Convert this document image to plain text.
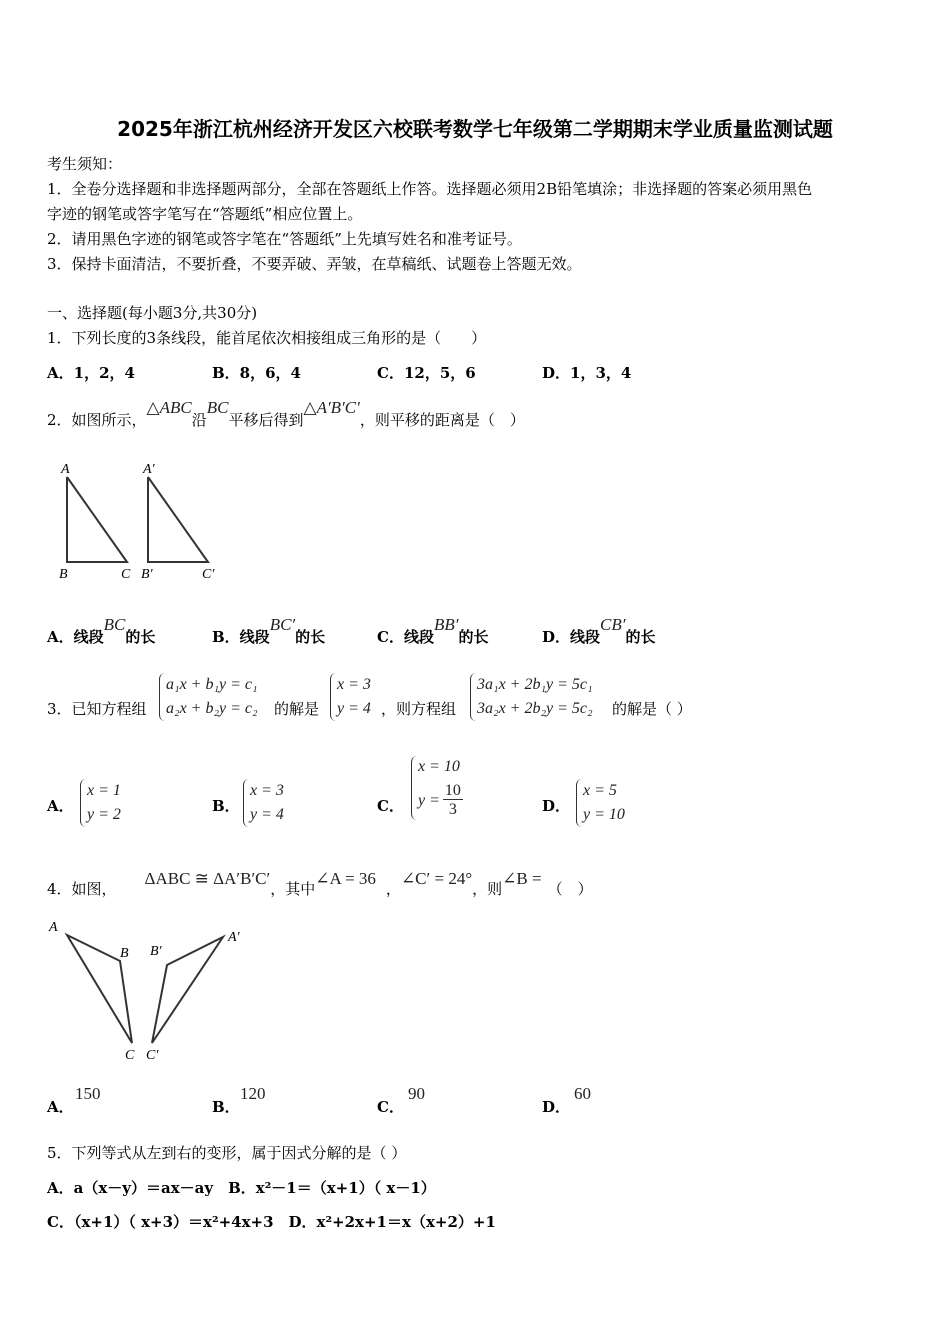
2025年浙江杭州经济开发区六校联考数学七年级第二学期期末学业质量监测试题
考生须知：
1．全卷分选择题和非选择题两部分，全部在答题纸上作答。选择题必须用2B铅笔填涂；非选择题的答案必须用黑色
字迹的钢笔或答字笔写在“答题纸”相应位置上。
2．请用黑色字迹的钢笔或答字笔在“答题纸”上先填写姓名和准考证号。
3．保持卡面清洁，不要折叠，不要弄破、弄皱，在草稿纸、试题卷上答题无效。
一、选择题(每小题3分,共30分)
1．下列长度的3条线段，能首尾依次相接组成三角形的是（　　）
A．1，2，4	B．8，6，4	C．12，5，6	D．1，3，4
2．如图所示，△ABC沿BC平移后得到△A′B′C′，则平移的距离是（　）
A
B	C
A′
B′	C′
A．线段BC的长	B．线段BC′的长	C．线段BB′的长	D．线段CB′的长
3．已知方程组
a₁x + b₁y = c₁
a₂x + b₂y = c₂ 的解是
x = 3
y = 4 ，则方程组
3a₁x + 2b₁y = 5c₁
3a₂x + 2b₂y = 5c₂ 的解是（ ）
A．
x = 1
y = 2	B．
x = 3
y = 4	C．
x = 10
$y = \frac{10}{3}$	D．
x = 5
y = 10
4．如图，ΔABC ≅ ΔA′B′C′，其中∠A = 36，∠C′ = 24°，则∠B =（　）
A
B
C
A′
B′
C′
A．
150
B．
120
C．
90
D．
60
5．下列等式从左到右的变形，属于因式分解的是（ ）
A．a（x－y）＝ax－ay　B．x²－1＝（x+1）（ x－1）
C．（x+1）（ x+3）＝x²+4x+3　D．x²+2x+1＝x（x+2）+1
